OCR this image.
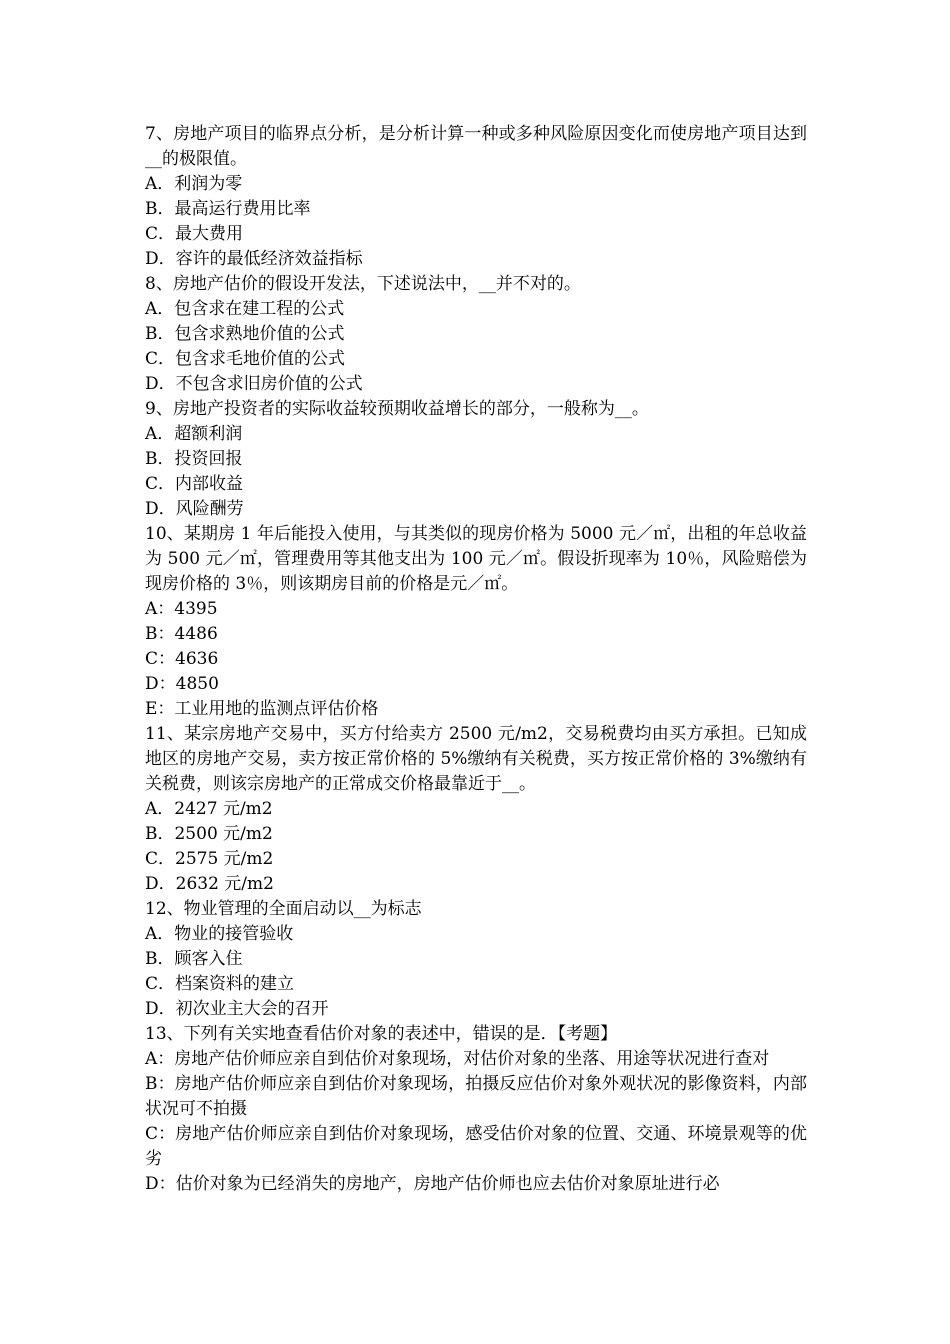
7、房地产项目的临界点分析，是分析计算一种或多种风险原因变化而使房地产项目达到__的极限值。

A．利润为零

B．最高运行费用比率

C．最大费用

D．容许的最低经济效益指标

8、房地产估价的假设开发法，下述说法中，__并不对的。

A．包含求在建工程的公式

B．包含求熟地价值的公式

C．包含求毛地价值的公式

D．不包含求旧房价值的公式

9、房地产投资者的实际收益较预期收益增长的部分，一般称为__。

A．超额利润

B．投资回报

C．内部收益

D．风险酬劳

10、某期房 1 年后能投入使用，与其类似的现房价格为 5000 元／㎡，出租的年总收益为 500 元／㎡，管理费用等其他支出为 100 元／㎡。假设折现率为 10％，风险赔偿为现房价格的 3％，则该期房目前的价格是元／㎡。

A：4395

B：4486

C：4636

D：4850

E：工业用地的监测点评估价格

11、某宗房地产交易中，买方付给卖方 2500 元/m2，交易税费均由买方承担。已知成地区的房地产交易，卖方按正常价格的 5%缴纳有关税费，买方按正常价格的 3%缴纳有关税费，则该宗房地产的正常成交价格最靠近于__。

A．2427 元/m2

B．2500 元/m2

C．2575 元/m2

D．2632 元/m2

12、物业管理的全面启动以__为标志

A．物业的接管验收

B．顾客入住

C．档案资料的建立

D．初次业主大会的召开

13、下列有关实地查看估价对象的表述中，错误的是．【考题】

A：房地产估价师应亲自到估价对象现场，对估价对象的坐落、用途等状况进行查对

B：房地产估价师应亲自到估价对象现场，拍摄反应估价对象外观状况的影像资料，内部状况可不拍摄

C：房地产估价师应亲自到估价对象现场，感受估价对象的位置、交通、环境景观等的优劣

D：估价对象为已经消失的房地产，房地产估价师也应去估价对象原址进行必
